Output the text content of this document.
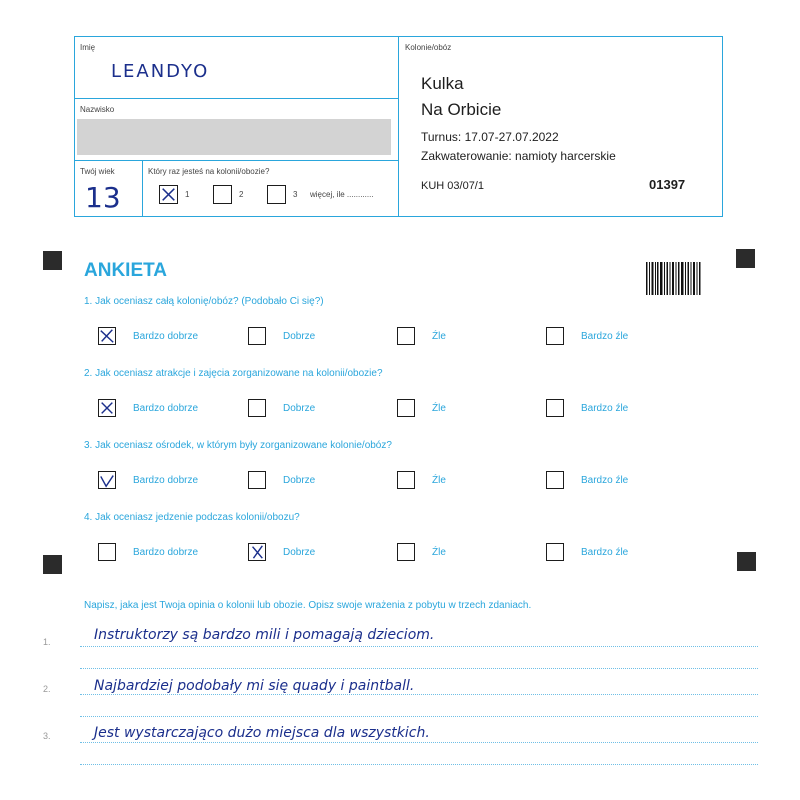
Imię
LEANDYO
Nazwisko
Twój wiek
13
Który raz jesteś na kolonii/obozie?
1	2	3 więcej, ile ............
Kolonie/obóz
Kulka
Na Orbicie
Turnus: 17.07-27.07.2022
Zakwaterowanie: namioty harcerskie
KUH 03/07/1	01397
ANKIETA
1. Jak oceniasz całą kolonię/obóz? (Podobało Ci się?)
Bardzo dobrze	Dobrze	Źle	Bardzo źle
2. Jak oceniasz atrakcje i zajęcia zorganizowane na kolonii/obozie?
Bardzo dobrze	Dobrze	Źle	Bardzo źle
3. Jak oceniasz ośrodek, w którym były zorganizowane kolonie/obóz?
Bardzo dobrze	Dobrze	Źle	Bardzo źle
4. Jak oceniasz jedzenie podczas kolonii/obozu?
Bardzo dobrze	Dobrze	Źle	Bardzo źle
Napisz, jaka jest Twoja opinia o kolonii lub obozie. Opisz swoje wrażenia z pobytu w trzech zdaniach.
1.	Instruktorzy są bardzo mili i pomagają dzieciom.
2.	Najbardziej podobały mi się quady i paintball.
3.	Jest wystarczająco dużo miejsca dla wszystkich.
